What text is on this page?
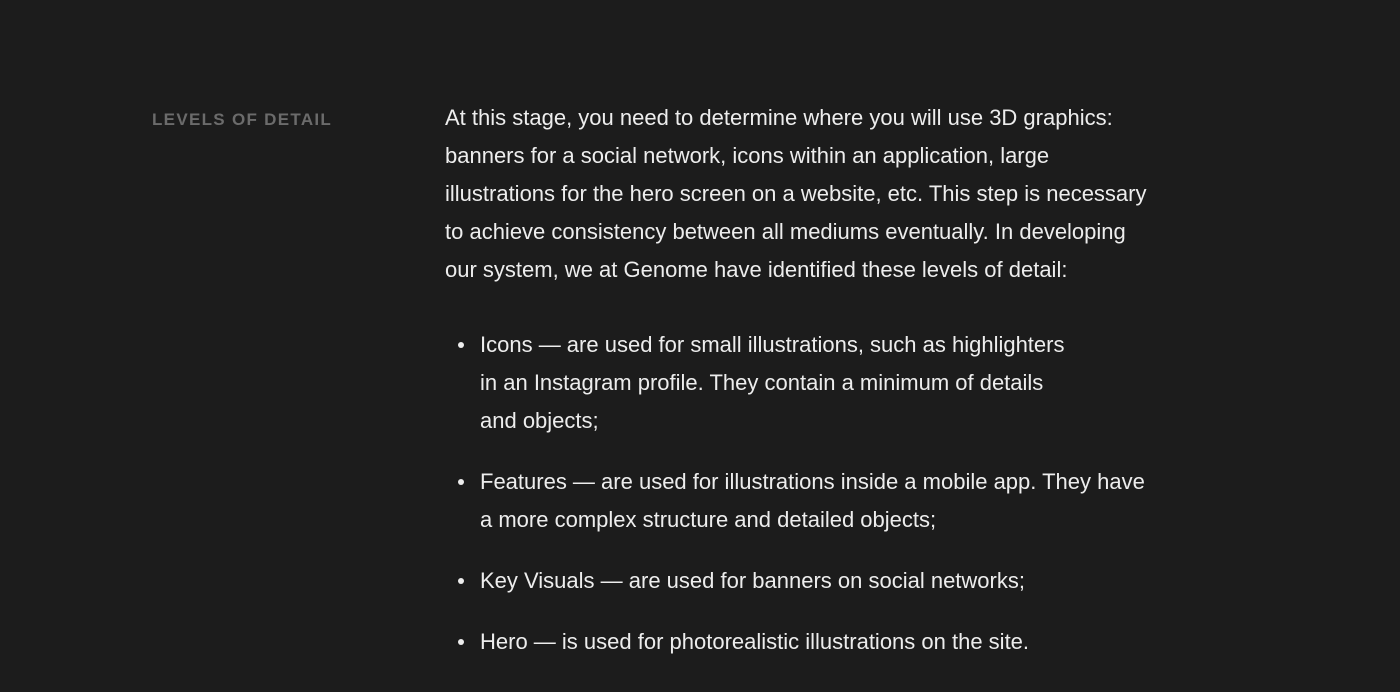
LEVELS OF DETAIL	At this stage, you need to determine where you will use 3D graphics:
banners for a social network, icons within an application, large
illustrations for the hero screen on a website, etc. This step is necessary
to achieve consistency between all mediums eventually. In developing
our system, we at Genome have identified these levels of detail:

Icons — are used for small illustrations, such as highlighters
in an Instagram profile. They contain a minimum of details
and objects;
Features — are used for illustrations inside a mobile app. They have
a more complex structure and detailed objects;
Key Visuals — are used for banners on social networks;
Hero — is used for photorealistic illustrations on the site.
